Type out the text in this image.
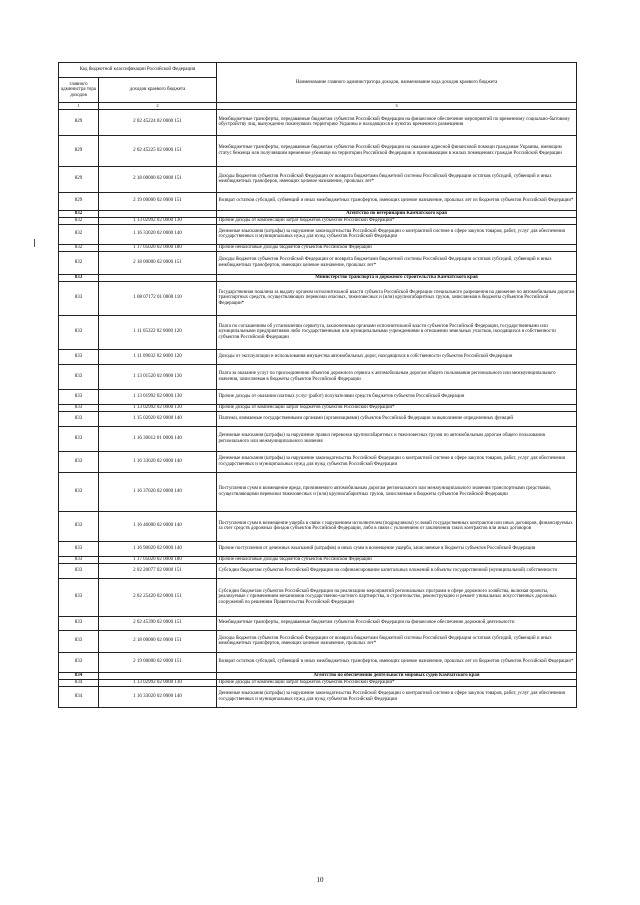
Код бюджетной классификации Российской Федерации		Наименование главного администратора доходов, наименование кода доходов краевого бюджета
главного администра тора доходов	доходов краевого бюджета	
1	2	3
829	2 02 45224 02 0000 151	Межбюджетные трансферты, передаваемые бюджетам субъектов Российской Федерации на финансовое обеспечение мероприятий по временному социально-бытовому обустройству лиц, вынужденно покинувших территорию Украины и находящихся в пунктах временного размещения
829	2 02 45225 02 0000 151	Межбюджетные трансферты, передаваемые бюджетам субъектов Российской Федерации на оказание адресной финансовой помощи гражданам Украины, имеющим статус беженца или получившим временное убежище на территории Российской Федерации и проживающим в жилых помещениях граждан Российской Федерации
829	2 18 00000 02 0000 151	Доходы бюджетов субъектов Российской Федерации от возврата бюджетами бюджетной системы Российской Федерации остатков субсидий, субвенций и иных межбюджетных трансферов, имеющих целевое назначение, прошлых лет*
829	2 19 00000 02 0000 151	Возврат остатков субсидий, субвенций и иных межбюджетных трансфертов, имеющих целевое назначение, прошлых лет из бюджетов субъектов Российской Федерации*
832		Агентство по ветеринарии Камчатского края
832	1 13 02992 02 0000 130	Прочие доходы от компенсации затрат бюджетов субъектов Российской Федерации*
832	1 16 33020 02 0000 140	Денежные взыскания (штрафы) за нарушение законодательства Российской Федерации о контрактной системе в сфере закупок товаров, работ, услуг для обеспечения государственных и муниципальных нужд для нужд субъектов Российской Федерации
832	1 17 05020 02 0000 180	Прочие неналоговые доходы бюджетов субъектов Российской Федерации
832	2 18 00000 02 0000 151	Доходы бюджетов субъектов Российской Федерации от возврата бюджетами бюджетной системы Российской Федерации остатков субсидий, субвенций и иных межбюджетных трансфертов, имеющих целевое назначение, прошлых лет*
833		Министерство транспорта и дорожного строительства Камчатского края
833	1 08 07172 01 0000 110	Государственная пошлина за выдачу органом исполнительной власти субъекта Российской Федерации специального разрешения на движение по автомобильным дорогам транспортных средств, осуществляющих перевозки опасных, тяжеловесных и (или) крупногабаритных грузов, зачисляемая в бюджеты субъектов Российской Федерации*
833	1 11 05322 02 0000 120	Плата по соглашениям об установлении сервитута, заключенным органами исполнительной власти субъектов Российской Федерации, государственными или муниципальными предприятиями либо государственными или муниципальными учреждениями в отношении земельных участков, находящихся в собственности субъектов Российской Федерации
833	1 11 09032 02 0000 120	Доходы от эксплуатации и использования имущества автомобильных дорог, находящихся в собственности субъектов Российской Федерации
833	1 13 01520 02 0000 130	Плата за оказание услуг по присоединению объектов дорожного сервиса к автомобильным дорогам общего пользования регионального или межмуниципального значения, зачисляемая в бюджеты субъектов Российской Федерации
833	1 13 01992 02 0000 130	Прочие доходы от оказания платных услуг (работ) получателями средств бюджетов субъектов Российской Федерации
833	1 13 02992 02 0000 130	Прочие доходы от компенсации затрат бюджетов субъектов Российской Федерации*
833	1 15 02020 02 0000 140	Платежи, взимаемые государственными органами (организациями) субъектов Российской Федерации за выполнение определенных функций
833	1 16 30012 01 0000 140	Денежные взыскания (штрафы) за нарушение правил перевозки крупногабаритных и тяжеловесных грузов по автомобильным дорогам общего пользования регионального или межмуниципального значения
833	1 16 33020 02 0000 140	Денежные взыскания (штрафы) за нарушение законодательства Российской Федерации о контрактной системе в сфере закупок товаров, работ, услуг для обеспечения государственных и муниципальных нужд для нужд субъектов Российской Федерации
833	1 16 37020 02 0000 140	Поступления сумм в возмещение вреда, причиняемого автомобильным дорогам регионального или межмуниципального значения транспортными средствами, осуществляющими перевозки тяжеловесных и (или) крупногабаритных грузов, зачисляемые в бюджеты субъектов Российской Федерации
833	1 16 46000 02 0000 140	Поступления сумм в возмещение ущерба в связи с нарушением исполнителем (подрядчиком) условий государственных контрактов или иных договоров, финансируемых за счет средств дорожных фондов субъектов Российской Федерации, либо в связи с уклонением от заключения таких контрактов или иных договоров
833	1 16 90020 02 0000 140	Прочие поступления от денежных взысканий (штрафов) и иных сумм в возмещение ущерба, зачисляемые в бюджеты субъектов Российской Федерации
833	1 17 05020 02 0000 180	Прочие неналоговые доходы бюджетов субъектов Российской Федерации
833	2 02 20077 02 0000 151	Субсидии бюджетам субъектов Российской Федерации на софинансирование капитальных вложений в объекты государственной (муниципальной) собственности
833	2 02 25420 02 0000 151	Субсидии бюджетам субъектов Российской Федерации на реализацию мероприятий региональных программ в сфере дорожного хозяйства, включая проекты, реализуемые с применением механизмов государственно-частного партнерства, и строительство, реконструкцию и ремонт уникальных искусственных дорожных сооружений по решениям Правительства Российской Федерации
833	2 02 45390 02 0000 151	Межбюджетные трансферты, передаваемые бюджетам субъектов Российской Федерации на финансовое обеспечение дорожной деятельности
833	2 18 00000 02 0000 151	Доходы бюджетов субъектов Российской Федерации от возврата бюджетами бюджетной системы Российской Федерации остатков субсидий, субвенций и иных межбюджетных трансфертов, имеющих целевое назначение, прошлых лет*
833	2 19 00000 02 0000 151	Возврат остатков субсидий, субвенций и иных межбюджетных трансфертов, имеющих целевое назначение, прошлых лет из бюджетов субъектов Российской Федерации*
834		Агентство по обеспечению деятельности мировых судей Камчатского края
834	1 13 02992 02 0000 130	Прочие доходы от компенсации затрат бюджетов субъектов Российской Федерации*
834	1 16 33020 02 0000 140	Денежные взыскания (штрафы) за нарушение законодательства Российской Федерации о контрактной системе в сфере закупок товаров, работ, услуг для обеспечения государственных и муниципальных нужд для нужд субъектов Российской Федерации
10
